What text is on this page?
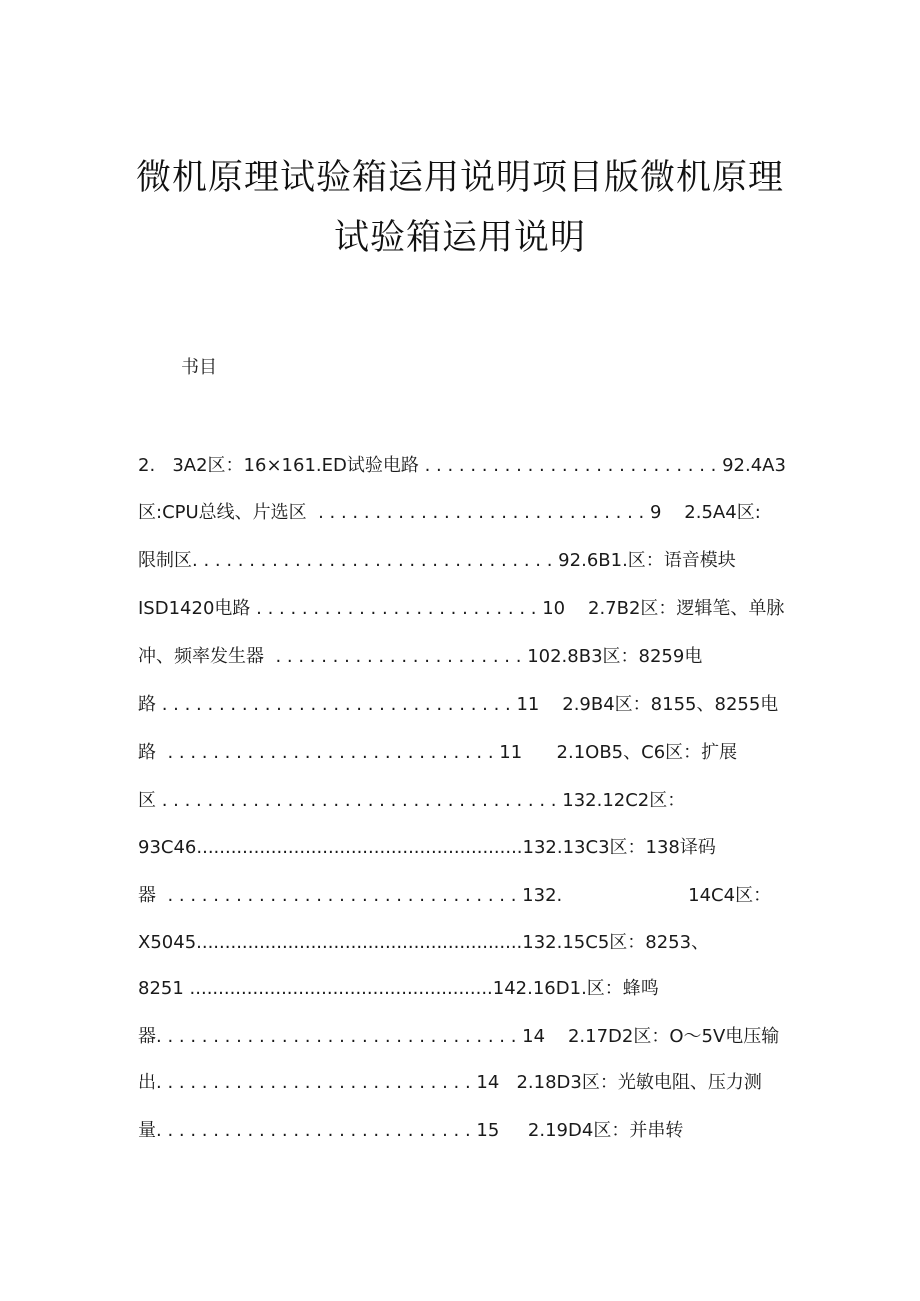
微机原理试验箱运用说明项目版微机原理
试验箱运用说明
书目
2.   3A2区：16×161.ED试验电路 . . . . . . . . . . . . . . . . . . . . . . . . . . 92.4A3
区:CPU总线、片选区  . . . . . . . . . . . . . . . . . . . . . . . . . . . . . 9    2.5A4区:
限制区. . . . . . . . . . . . . . . . . . . . . . . . . . . . . . . . 92.6B1.区：语音模块
ISD1420电路 . . . . . . . . . . . . . . . . . . . . . . . . . 10    2.7B2区：逻辑笔、单脉
冲、频率发生器  . . . . . . . . . . . . . . . . . . . . . . 102.8B3区：8259电
路 . . . . . . . . . . . . . . . . . . . . . . . . . . . . . . . 11    2.9B4区：8155、8255电
路  . . . . . . . . . . . . . . . . . . . . . . . . . . . . . 11      2.1OB5、C6区：扩展
区 . . . . . . . . . . . . . . . . . . . . . . . . . . . . . . . . . . . 132.12C2区：
93C46.........................................................132.13C3区：138译码
器  . . . . . . . . . . . . . . . . . . . . . . . . . . . . . . . 132.                      14C4区：
X5045.........................................................132.15C5区：8253、
8251 .....................................................142.16D1.区：蜂鸣
器. . . . . . . . . . . . . . . . . . . . . . . . . . . . . . . . 14    2.17D2区：O～5V电压输
出. . . . . . . . . . . . . . . . . . . . . . . . . . . . 14   2.18D3区：光敏电阻、压力测
量. . . . . . . . . . . . . . . . . . . . . . . . . . . . 15     2.19D4区：并串转
